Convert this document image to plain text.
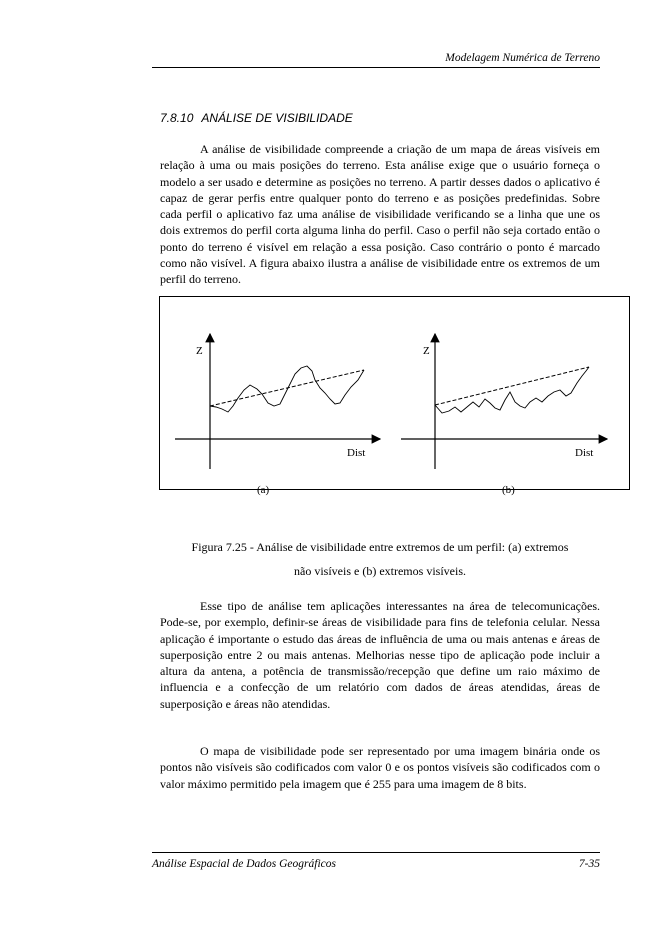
Modelagem Numérica de Terreno
7.8.10 ANÁLISE DE VISIBILIDADE

A análise de visibilidade compreende a criação de um mapa de áreas visíveis em relação à uma ou mais posições do terreno. Esta análise exige que o usuário forneça o modelo a ser usado e determine as posições no terreno. A partir desses dados o aplicativo é capaz de gerar perfis entre qualquer ponto do terreno e as posições predefinidas. Sobre cada perfil o aplicativo faz uma análise de visibilidade verificando se a linha que une os dois extremos do perfil corta alguma linha do perfil. Caso o perfil não seja cortado então o ponto do terreno é visível em relação a essa posição. Caso contrário o ponto é marcado como não visível. A figura abaixo ilustra a análise de visibilidade entre os extremos de um perfil do terreno.

Z
Dist
(a)
Z
Dist
(b)
Figura 7.25 - Análise de visibilidade entre extremos de um perfil: (a) extremos
não visíveis e (b) extremos visíveis.

Esse tipo de análise tem aplicações interessantes na área de telecomunicações. Pode-se, por exemplo, definir-se áreas de visibilidade para fins de telefonia celular. Nessa aplicação é importante o estudo das áreas de influência de uma ou mais antenas e áreas de superposição entre 2 ou mais antenas. Melhorias nesse tipo de aplicação pode incluir a altura da antena, a potência de transmissão/recepção que define um raio máximo de influencia e a confecção de um relatório com dados de áreas atendidas, áreas de superposição e áreas não atendidas.

O mapa de visibilidade pode ser representado por uma imagem binária onde os pontos não visíveis são codificados com valor 0 e os pontos visíveis são codificados com o valor máximo permitido pela imagem que é 255 para uma imagem de 8 bits.

Análise Espacial de Dados Geográficos	7-35
